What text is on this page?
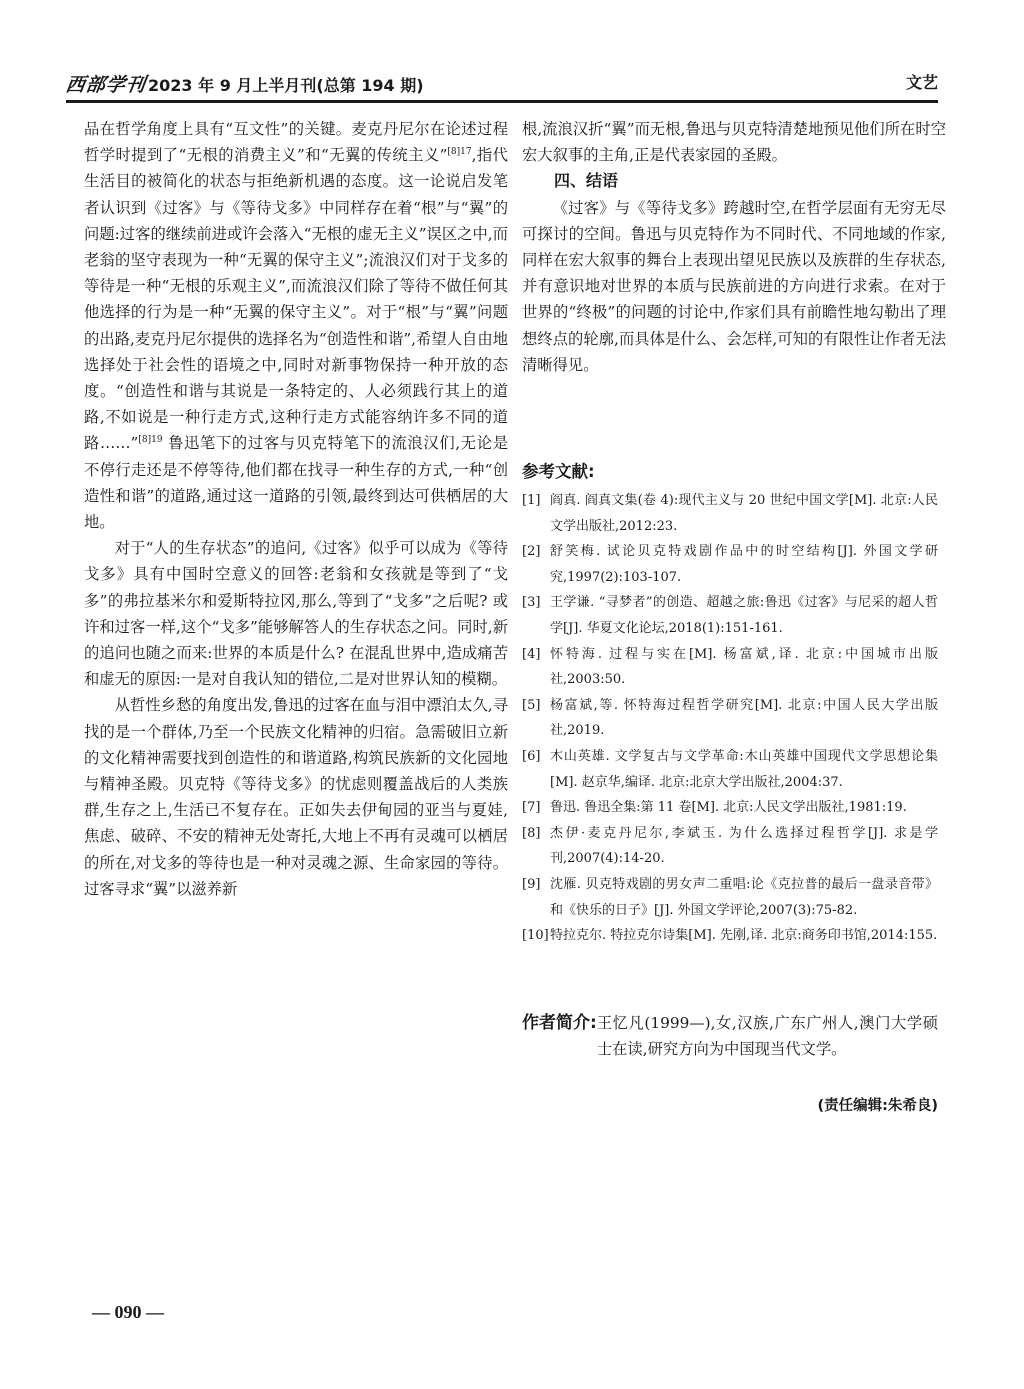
西部学刊 2023 年 9 月上半月刊(总第 194 期)	文艺

品在哲学角度上具有“互文性”的关键。麦克丹尼尔在论述过程哲学时提到了“无根的消费主义”和“无翼的传统主义”$^{[8]17}$,指代生活目的被简化的状态与拒绝新机遇的态度。这一论说启发笔者认识到《过客》与《等待戈多》中同样存在着“根”与“翼”的问题:过客的继续前进或许会落入“无根的虚无主义”误区之中,而老翁的坚守表现为一种“无翼的保守主义”;流浪汉们对于戈多的等待是一种“无根的乐观主义”,而流浪汉们除了等待不做任何其他选择的行为是一种“无翼的保守主义”。对于“根”与“翼”问题的出路,麦克丹尼尔提供的选择名为“创造性和谐”,希望人自由地选择处于社会性的语境之中,同时对新事物保持一种开放的态度。“创造性和谐与其说是一条特定的、人必须践行其上的道路,不如说是一种行走方式,这种行走方式能容纳许多不同的道路……”$^{[8]19}$ 鲁迅笔下的过客与贝克特笔下的流浪汉们,无论是不停行走还是不停等待,他们都在找寻一种生存的方式,一种“创造性和谐”的道路,通过这一道路的引领,最终到达可供栖居的大地。

对于“人的生存状态”的追问,《过客》似乎可以成为《等待戈多》具有中国时空意义的回答:老翁和女孩就是等到了“戈多”的弗拉基米尔和爱斯特拉冈,那么,等到了“戈多”之后呢? 或许和过客一样,这个“戈多”能够解答人的生存状态之问。同时,新的追问也随之而来:世界的本质是什么? 在混乱世界中,造成痛苦和虚无的原因:一是对自我认知的错位,二是对世界认知的模糊。

从哲性乡愁的角度出发,鲁迅的过客在血与泪中漂泊太久,寻找的是一个群体,乃至一个民族文化精神的归宿。急需破旧立新的文化精神需要找到创造性的和谐道路,构筑民族新的文化园地与精神圣殿。贝克特《等待戈多》的忧虑则覆盖战后的人类族群,生存之上,生活已不复存在。正如失去伊甸园的亚当与夏娃,焦虑、破碎、不安的精神无处寄托,大地上不再有灵魂可以栖居的所在,对戈多的等待也是一种对灵魂之源、生命家园的等待。过客寻求“翼”以滋养新

根,流浪汉折“翼”而无根,鲁迅与贝克特清楚地预见他们所在时空宏大叙事的主角,正是代表家园的圣殿。

四、结语

《过客》与《等待戈多》跨越时空,在哲学层面有无穷无尽可探讨的空间。鲁迅与贝克特作为不同时代、不同地域的作家,同样在宏大叙事的舞台上表现出望见民族以及族群的生存状态,并有意识地对世界的本质与民族前进的方向进行求索。在对于世界的“终极”的问题的讨论中,作家们具有前瞻性地勾勒出了理想终点的轮廓,而具体是什么、会怎样,可知的有限性让作者无法清晰得见。

参考文献:
[1] 阎真. 阎真文集(卷 4):现代主义与 20 世纪中国文学[M]. 北京:人民文学出版社,2012:23.
[2] 舒笑梅. 试论贝克特戏剧作品中的时空结构[J]. 外国文学研究,1997(2):103-107.
[3] 王学谦. “寻梦者”的创造、超越之旅:鲁迅《过客》与尼采的超人哲学[J]. 华夏文化论坛,2018(1):151-161.
[4] 怀特海. 过程与实在[M]. 杨富斌,译. 北京:中国城市出版社,2003:50.
[5] 杨富斌,等. 怀特海过程哲学研究[M]. 北京:中国人民大学出版社,2019.
[6] 木山英雄. 文学复古与文学革命:木山英雄中国现代文学思想论集[M]. 赵京华,编译. 北京:北京大学出版社,2004:37.
[7] 鲁迅. 鲁迅全集:第 11 卷[M]. 北京:人民文学出版社,1981:19.
[8] 杰伊·麦克丹尼尔,李斌玉. 为什么选择过程哲学[J]. 求是学刊,2007(4):14-20.
[9] 沈雁. 贝克特戏剧的男女声二重唱:论《克拉普的最后一盘录音带》和《快乐的日子》[J]. 外国文学评论,2007(3):75-82.
[10] 特拉克尔. 特拉克尔诗集[M]. 先刚,译. 北京:商务印书馆,2014:155.
作者简介: 王忆凡(1999—),女,汉族,广东广州人,澳门大学硕士在读,研究方向为中国现当代文学。
(责任编辑:朱希良)
— 090 —
